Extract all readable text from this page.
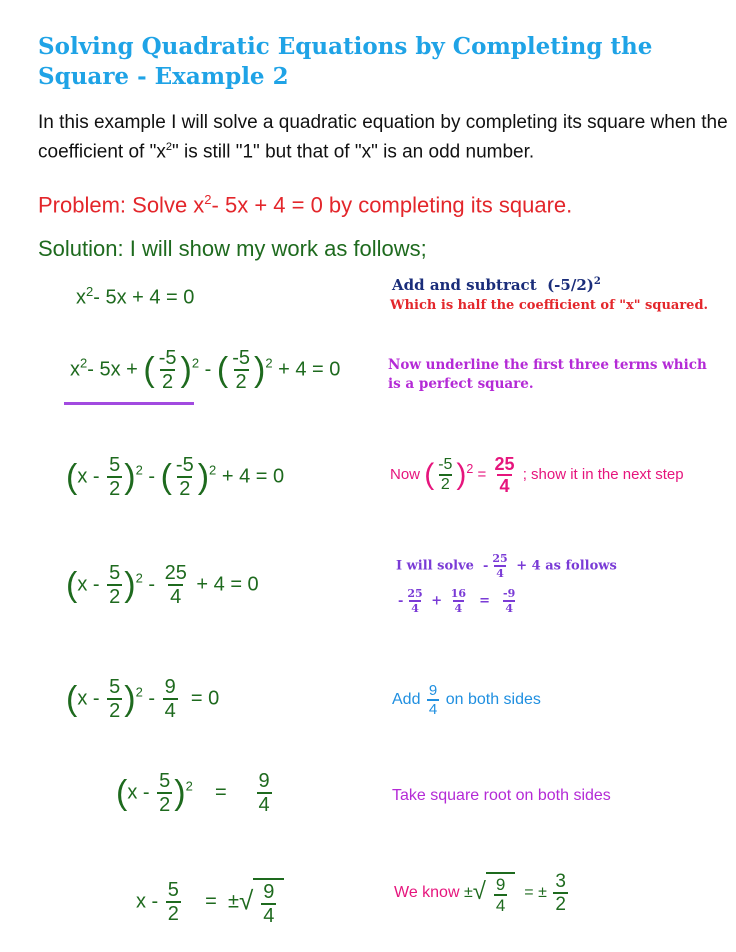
Solving Quadratic Equations by Completing the Square - Example 2
In this example I will solve a quadratic equation by completing its square when the coefficient of "$x^2$" is still "1" but that of "x" is an odd number.
Problem: Solve $x^2-$ 5x + 4 = 0 by completing its square.
Solution: I will show my work as follows;
$x^2-$ 5x + 4 = 0
Add and subtract $(-5/2)^2$
Which is half the coefficient of "x" squared.
$x^2-$ 5x + ( $\frac{-5}{2} )^2$ - ( $\frac{-5}{2} )^2 + 4 = 0$	Now underline the first three terms which is a perfect square.
$(x - \frac{5}{2} )^2$ - ( $\frac{-5}{2} )^2 + 4 = 0$	Now ( $\frac{-5}{2} )^2 = \frac{25}{4}$ ; show it in the next step
$(x - \frac{5}{2} )^2 - \frac{25}{4} + 4 = 0$
I will solve  - $\frac{25}{4} + 4$ as follows
- $\frac{25}{4} + \frac{16}{4} = \frac{-9}{4}$
$(x - \frac{5}{2} )^2 - \frac{9}{4} = 0$	Add $\frac{9}{4}$ on both sides
$(x - \frac{5}{2} )^2 = \frac{9}{4}$	Take square root on both sides
x - $\frac{5}{2}$ = ±√ $\frac{9}{4}$	We know ±√ $\frac{9}{4}$ = ± $\frac{3}{2}$
